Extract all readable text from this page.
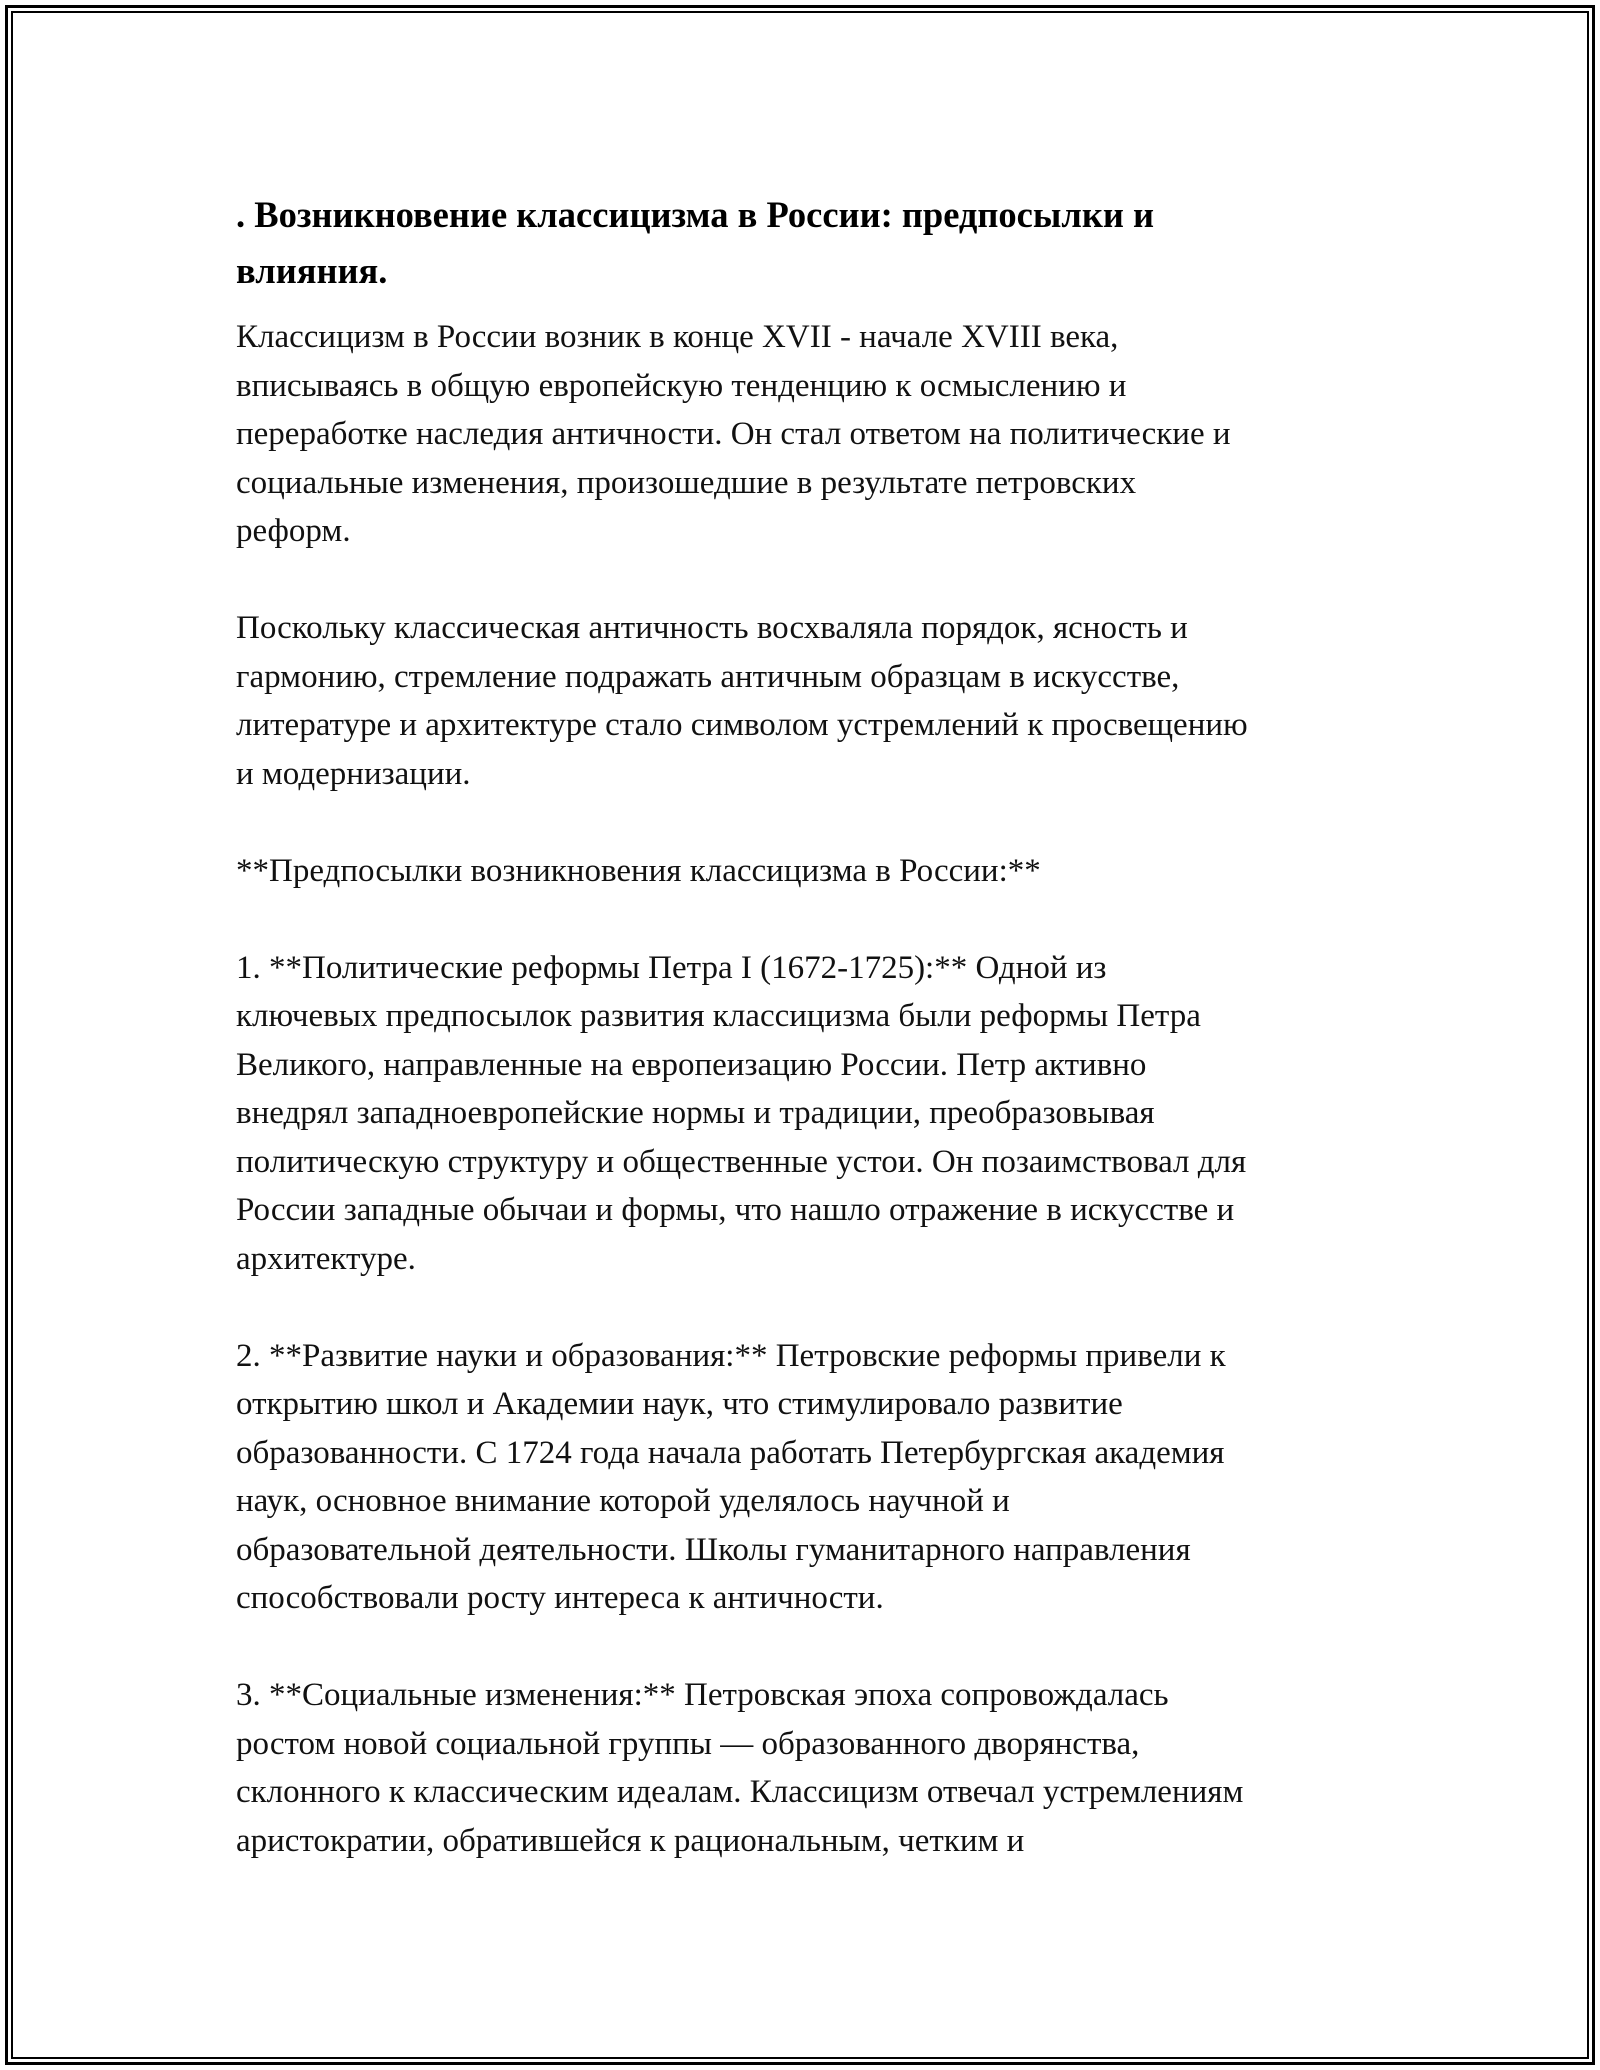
. Возникновение классицизма в России: предпосылки и
влияния.

Классицизм в России возник в конце XVII - начале XVIII века,
вписываясь в общую европейскую тенденцию к осмыслению и
переработке наследия античности. Он стал ответом на политические и
социальные изменения, произошедшие в результате петровских
реформ.

Поскольку классическая античность восхваляла порядок, ясность и
гармонию, стремление подражать античным образцам в искусстве,
литературе и архитектуре стало символом устремлений к просвещению
и модернизации.

**Предпосылки возникновения классицизма в России:**

1. **Политические реформы Петра I (1672-1725):** Одной из
ключевых предпосылок развития классицизма были реформы Петра
Великого, направленные на европеизацию России. Петр активно
внедрял западноевропейские нормы и традиции, преобразовывая
политическую структуру и общественные устои. Он позаимствовал для
России западные обычаи и формы, что нашло отражение в искусстве и
архитектуре.

2. **Развитие науки и образования:** Петровские реформы привели к
открытию школ и Академии наук, что стимулировало развитие
образованности. С 1724 года начала работать Петербургская академия
наук, основное внимание которой уделялось научной и
образовательной деятельности. Школы гуманитарного направления
способствовали росту интереса к античности.

3. **Социальные изменения:** Петровская эпоха сопровождалась
ростом новой социальной группы — образованного дворянства,
склонного к классическим идеалам. Классицизм отвечал устремлениям
аристократии, обратившейся к рациональным, четким и
